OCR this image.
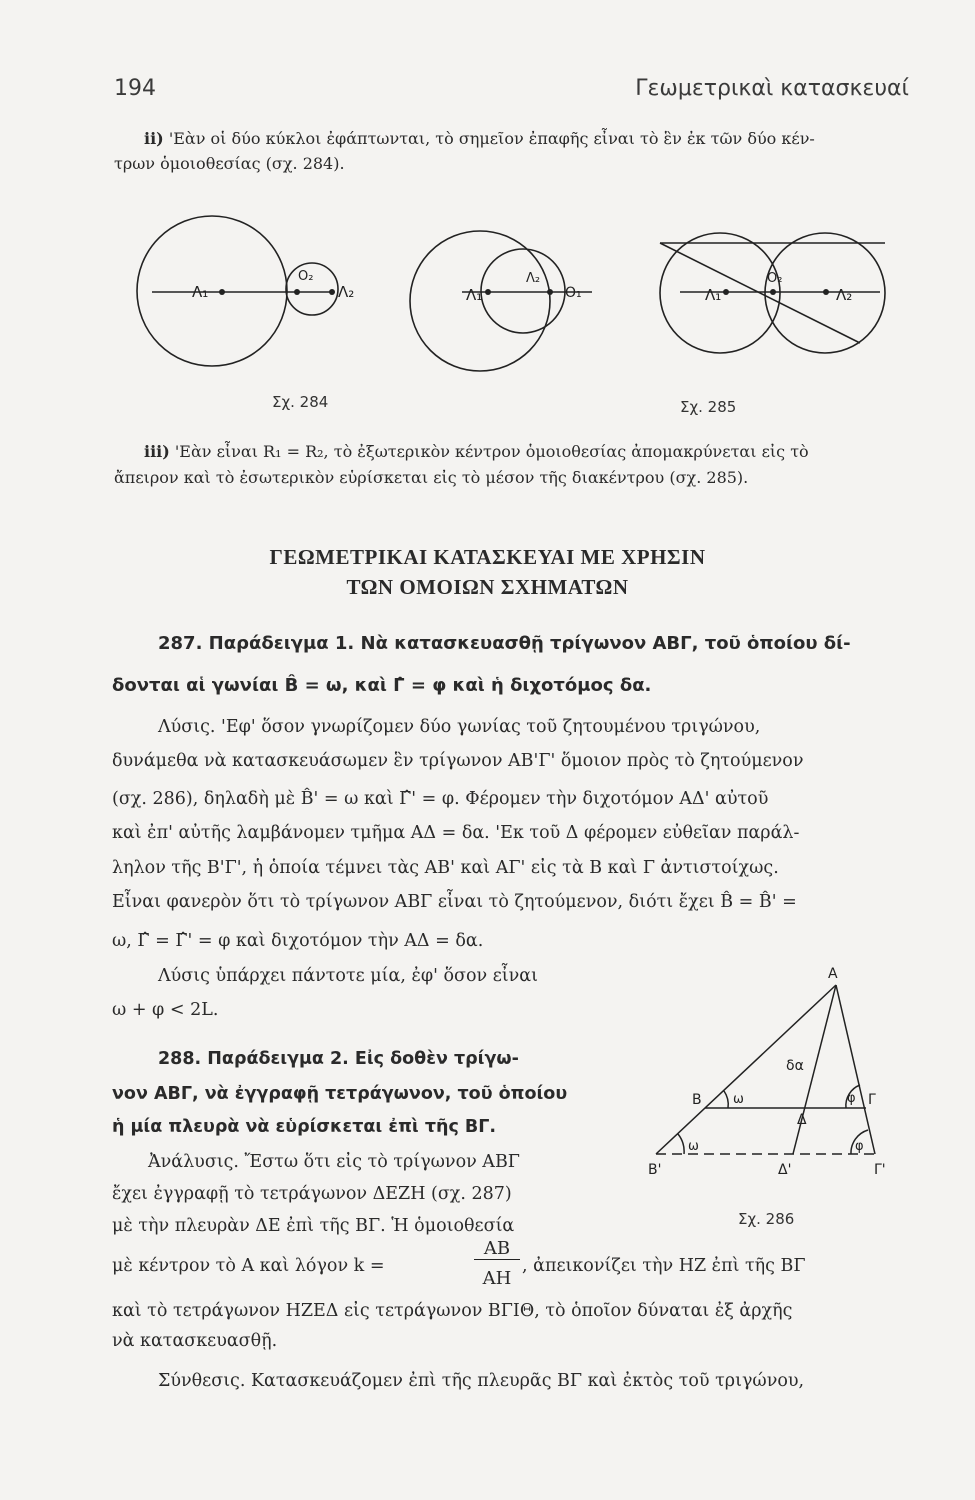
194	Γεωμετρικαὶ κατασκευαί
ii) 'Εὰν οἱ δύο κύκλοι ἐφάπτωνται, τὸ σημεῖον ἐπαφῆς εἶναι τὸ ἓν ἐκ τῶν δύο κέν-
τρων ὁμοιοθεσίας (σχ. 284).
Λ₁
O₂
Λ₂	Λ₁
Λ₂
O₁	Λ₁
O₂
Λ₂
Σχ. 284	Σχ. 285
iii) 'Εὰν εἶναι R₁ = R₂, τὸ ἐξωτερικὸν κέντρον ὁμοιοθεσίας ἀπομακρύνεται εἰς τὸ
ἄπειρον καὶ τὸ ἐσωτερικὸν εὑρίσκεται εἰς τὸ μέσον τῆς διακέντρου (σχ. 285).
ΓΕΩΜΕΤΡΙΚΑΙ ΚΑΤΑΣΚΕΥΑΙ ΜΕ ΧΡΗΣΙΝ
ΤΩΝ ΟΜΟΙΩΝ ΣΧΗΜΑΤΩΝ
287. Παράδειγμα 1. Νὰ κατασκευασθῇ τρίγωνον ΑΒΓ, τοῦ ὁποίου δί-
δονται αἱ γωνίαι B̂ = ω, καὶ Γ̂ = φ καὶ ἡ διχοτόμος δα.
Λύσις. 'Εφ' ὅσον γνωρίζομεν δύο γωνίας τοῦ ζητουμένου τριγώνου,
δυνάμεθα νὰ κατασκευάσωμεν ἓν τρίγωνον ΑΒ'Γ' ὅμοιον πρὸς τὸ ζητούμενον
(σχ. 286), δηλαδὴ μὲ B̂' = ω καὶ Γ̂' = φ. Φέρομεν τὴν διχοτόμον ΑΔ' αὐτοῦ
καὶ ἐπ' αὐτῆς λαμβάνομεν τμῆμα ΑΔ = δα. 'Εκ τοῦ Δ φέρομεν εὐθεῖαν παράλ-
ληλον τῆς Β'Γ', ἡ ὁποία τέμνει τὰς ΑΒ' καὶ ΑΓ' εἰς τὰ Β καὶ Γ ἀντιστοίχως.
Εἶναι φανερὸν ὅτι τὸ τρίγωνον ΑΒΓ εἶναι τὸ ζητούμενον, διότι ἔχει B̂ = B̂' =
ω, Γ̂ = Γ̂' = φ καὶ διχοτόμον τὴν ΑΔ = δα.
Λύσις ὑπάρχει πάντοτε μία, ἐφ' ὅσον εἶναι
ω + φ < 2L.
A
B	Γ
Δ
δα
ω	φ
ω	φ
B'	Δ'	Γ'
Σχ. 286
288. Παράδειγμα 2. Εἰς δοθὲν τρίγω-
νον ΑΒΓ, νὰ ἐγγραφῇ τετράγωνον, τοῦ ὁποίου
ἡ μία πλευρὰ νὰ εὑρίσκεται ἐπὶ τῆς ΒΓ.
Ἀνάλυσις. Ἔστω ὅτι εἰς τὸ τρίγωνον ΑΒΓ
ἔχει ἐγγραφῇ τὸ τετράγωνον ΔΕΖΗ (σχ. 287)
μὲ τὴν πλευρὰν ΔΕ ἐπὶ τῆς ΒΓ. Ἡ ὁμοιοθεσία
μὲ κέντρον τὸ Α καὶ λόγον k =
AB
AH
, ἀπεικονίζει τὴν ΗΖ ἐπὶ τῆς ΒΓ
καὶ τὸ τετράγωνον ΗΖΕΔ εἰς τετράγωνον ΒΓΙΘ, τὸ ὁποῖον δύναται ἐξ ἀρχῆς
νὰ κατασκευασθῇ.
Σύνθεσις. Κατασκευάζομεν ἐπὶ τῆς πλευρᾶς ΒΓ καὶ ἐκτὸς τοῦ τριγώνου,
